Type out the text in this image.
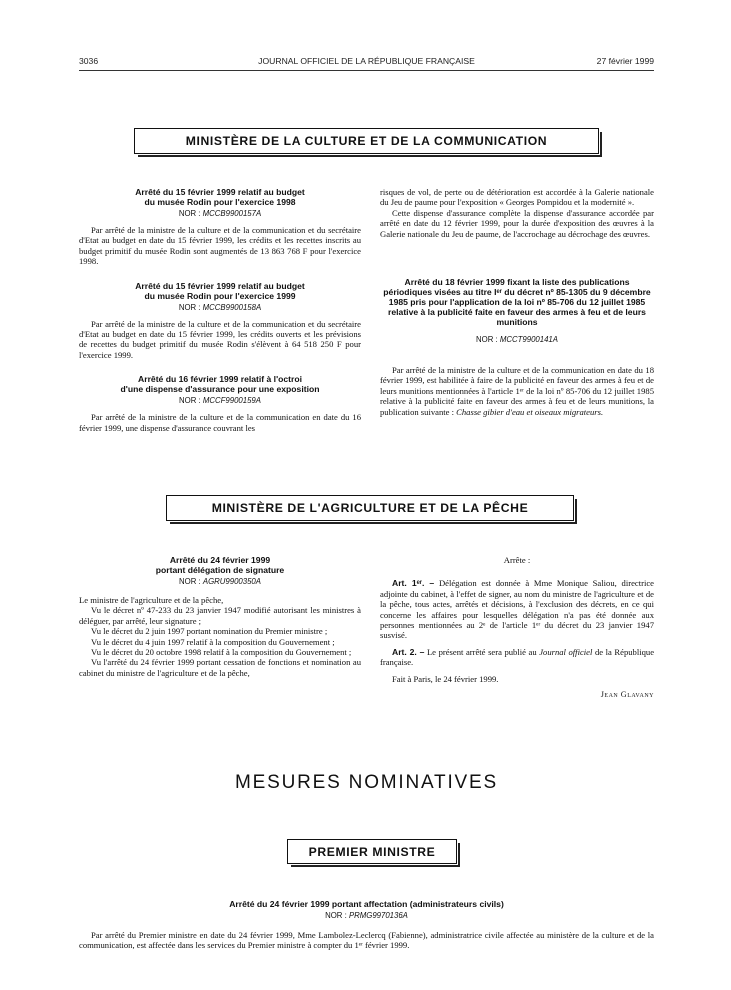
3036	JOURNAL OFFICIEL DE LA RÉPUBLIQUE FRANÇAISE	27 février 1999
MINISTÈRE DE LA CULTURE ET DE LA COMMUNICATION
Arrêté du 15 février 1999 relatif au budget
du musée Rodin pour l'exercice 1998
NOR : MCCB9900157A

Par arrêté de la ministre de la culture et de la communication et du secrétaire d'Etat au budget en date du 15 février 1999, les crédits et les recettes inscrits au budget primitif du musée Rodin sont augmentés de 13 863 768 F pour l'exercice 1998.

Arrêté du 15 février 1999 relatif au budget
du musée Rodin pour l'exercice 1999
NOR : MCCB9900158A

Par arrêté de la ministre de la culture et de la communication et du secrétaire d'Etat au budget en date du 15 février 1999, les crédits ouverts et les prévisions de recettes du budget primitif du musée Rodin s'élèvent à 64 518 250 F pour l'exercice 1999.

Arrêté du 16 février 1999 relatif à l'octroi
d'une dispense d'assurance pour une exposition
NOR : MCCF9900159A

Par arrêté de la ministre de la culture et de la communication en date du 16 février 1999, une dispense d'assurance couvrant les

risques de vol, de perte ou de détérioration est accordée à la Galerie nationale du Jeu de paume pour l'exposition « Georges Pompidou et la modernité ».

Cette dispense d'assurance complète la dispense d'assurance accordée par arrêté en date du 12 février 1999, pour la durée d'exposition des œuvres à la Galerie nationale du Jeu de paume, de l'accrochage au décrochage des œuvres.

Arrêté du 18 février 1999 fixant la liste des publications périodiques visées au titre Iᵉʳ du décret nº 85-1305 du 9 décembre 1985 pris pour l'application de la loi nº 85-706 du 12 juillet 1985 relative à la publicité faite en faveur des armes à feu et de leurs munitions
NOR : MCCT9900141A

Par arrêté de la ministre de la culture et de la communication en date du 18 février 1999, est habilitée à faire de la publicité en faveur des armes à feu et de leurs munitions mentionnées à l'article 1ᵉʳ de la loi nº 85-706 du 12 juillet 1985 relative à la publicité faite en faveur des armes à feu et de leurs munitions, la publication suivante : Chasse gibier d'eau et oiseaux migrateurs.

MINISTÈRE DE L'AGRICULTURE ET DE LA PÊCHE
Arrêté du 24 février 1999
portant délégation de signature
NOR : AGRU9900350A

Le ministre de l'agriculture et de la pêche,

Vu le décret nº 47-233 du 23 janvier 1947 modifié autorisant les ministres à déléguer, par arrêté, leur signature ;

Vu le décret du 2 juin 1997 portant nomination du Premier ministre ;

Vu le décret du 4 juin 1997 relatif à la composition du Gouvernement ;

Vu le décret du 20 octobre 1998 relatif à la composition du Gouvernement ;

Vu l'arrêté du 24 février 1999 portant cessation de fonctions et nomination au cabinet du ministre de l'agriculture et de la pêche,

Arrête :

Art. 1ᵉʳ. – Délégation est donnée à Mme Monique Saliou, directrice adjointe du cabinet, à l'effet de signer, au nom du ministre de l'agriculture et de la pêche, tous actes, arrêtés et décisions, à l'exclusion des décrets, en ce qui concerne les affaires pour lesquelles délégation n'a pas été donnée aux personnes mentionnées au 2ᵉ de l'article 1ᵉʳ du décret du 23 janvier 1947 susvisé.

Art. 2. – Le présent arrêté sera publié au Journal officiel de la République française.

Fait à Paris, le 24 février 1999.

Jean Glavany

MESURES NOMINATIVES
PREMIER MINISTRE
Arrêté du 24 février 1999 portant affectation (administrateurs civils)
NOR : PRMG9970136A

Par arrêté du Premier ministre en date du 24 février 1999, Mme Lambolez-Leclercq (Fabienne), administratrice civile affectée au ministère de la culture et de la communication, est affectée dans les services du Premier ministre à compter du 1ᵉʳ février 1999.
